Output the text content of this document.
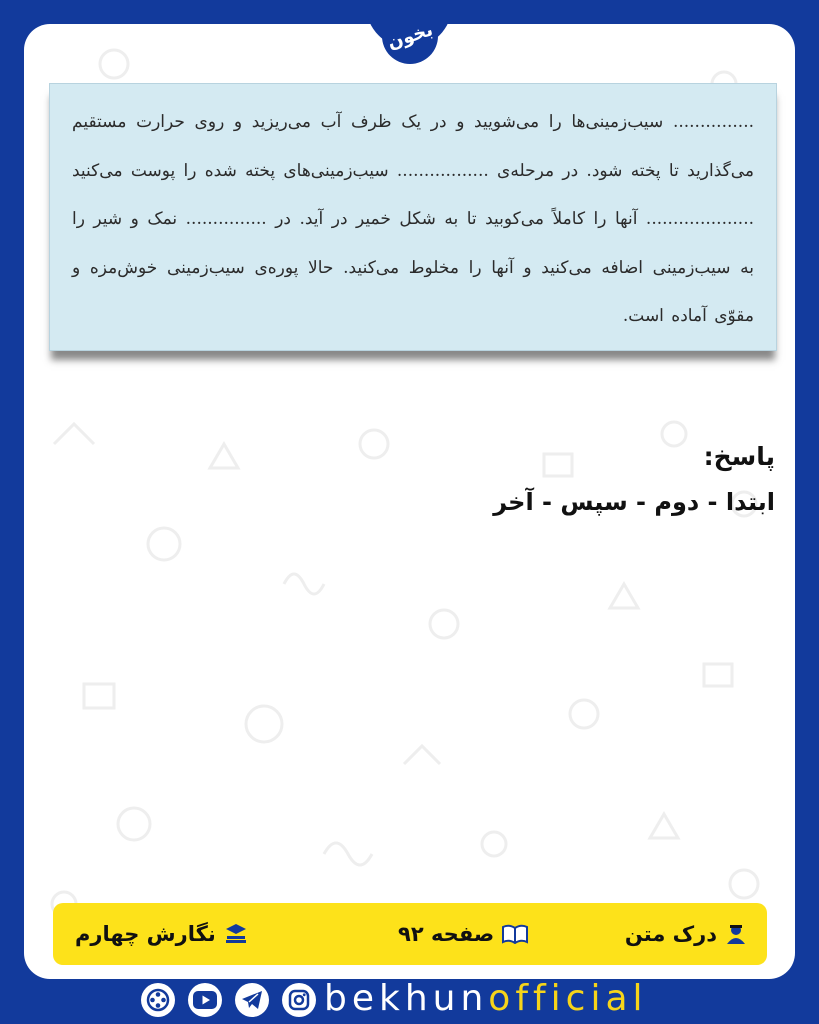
بخون
............... سیب‌زمینی‌ها را می‌شویید و در یک ظرف آب می‌ریزید و روی حرارت مستقیم می‌گذارید تا پخته شود. در مرحله‌ی ................. سیب‌زمینی‌های پخته شده را پوست می‌کنید .................... آنها را کاملاً می‌کوبید تا به شکل خمیر در آید. در ............... نمک و شیر را به سیب‌زمینی اضافه می‌کنید و آنها را مخلوط می‌کنید. حالا پوره‌ی سیب‌زمینی خوش‌مزه و مقوّی آماده است.
پاسخ:
ابتدا - دوم - سپس - آخر
درک متن
صفحه ۹۲
نگارش چهارم
bekhunofficial
